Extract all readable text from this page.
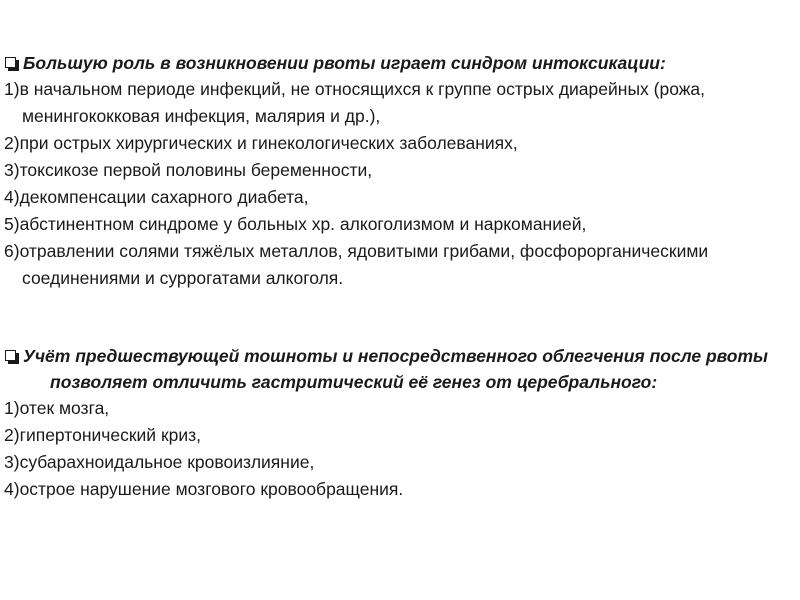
Большую роль в возникновении рвоты играет синдром интоксикации:
1)в начальном периоде инфекций, не относящихся к группе острых диарейных (рожа, менингококковая инфекция, малярия и др.),
2)при острых хирургических и гинекологических заболеваниях,
3)токсикозе первой половины беременности,
4)декомпенсации сахарного диабета,
5)абстинентном синдроме у больных хр. алкоголизмом и наркоманией,
6)отравлении солями тяжёлых металлов, ядовитыми грибами, фосфорорганическими соединениями и суррогатами алкоголя.
Учёт предшествующей тошноты и непосредственного облегчения после рвоты позволяет отличить гастритический её генез от церебрального:
1)отек мозга,
2)гипертонический криз,
3)субарахноидальное кровоизлияние,
4)острое нарушение мозгового кровообращения.
